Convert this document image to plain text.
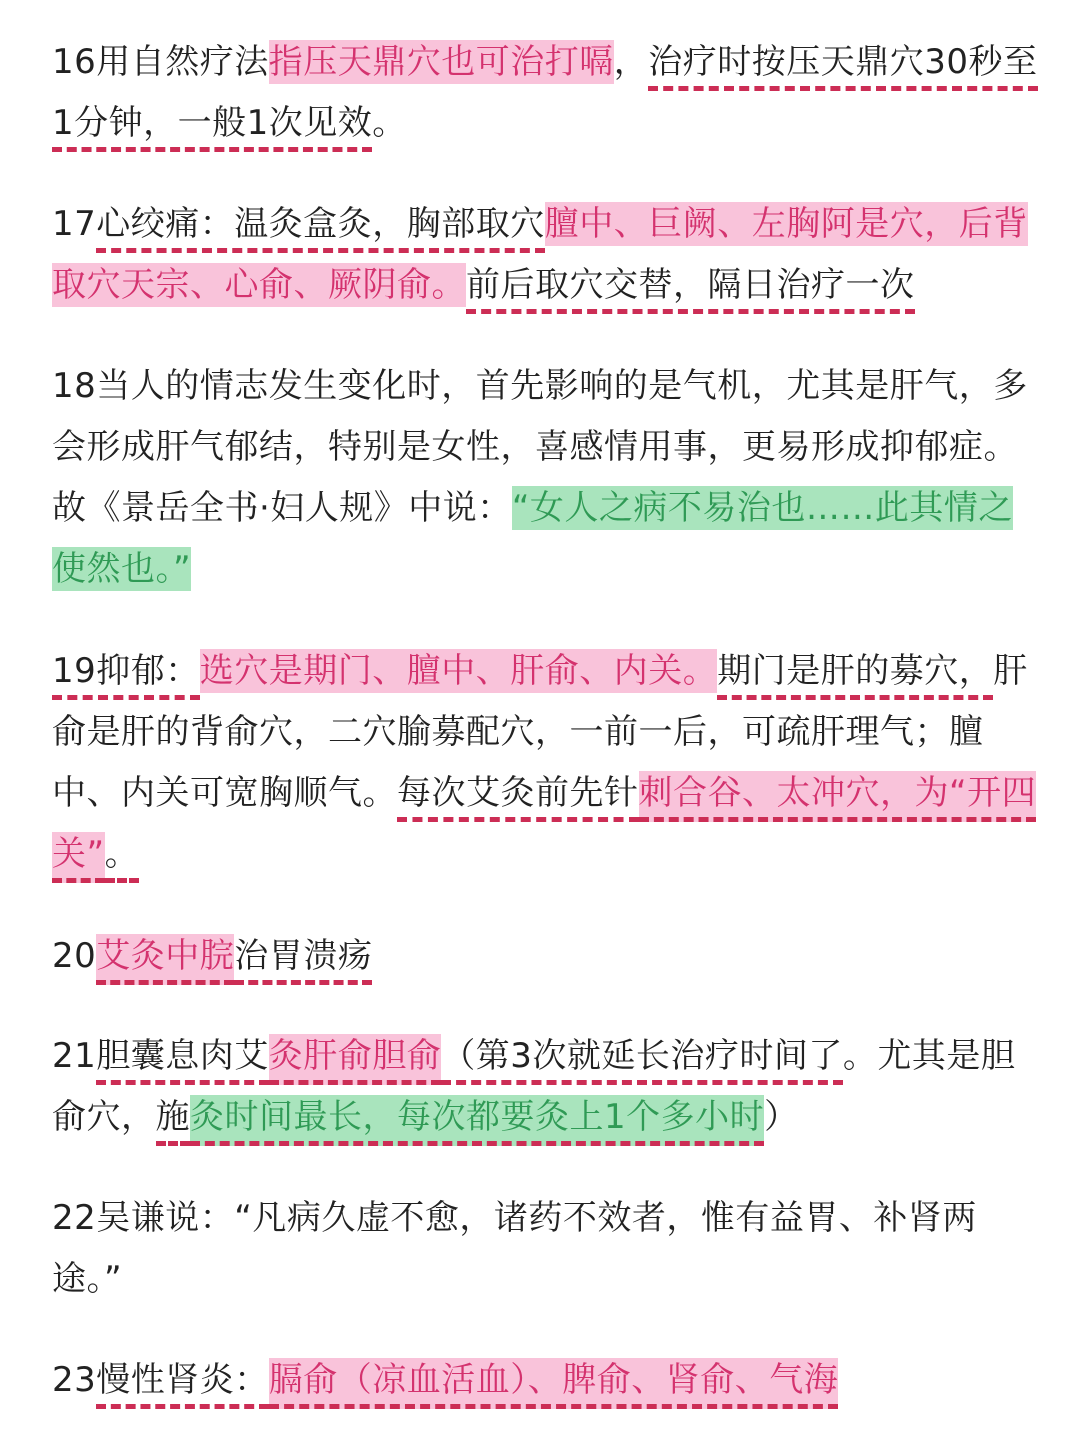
16用自然疗法指压天鼎穴也可治打嗝，治疗时按压天鼎穴30秒至1分钟，一般1次见效。

17心绞痛：温灸盒灸，胸部取穴膻中、巨阙、左胸阿是穴，后背取穴天宗、心俞、厥阴俞。前后取穴交替，隔日治疗一次

18当人的情志发生变化时，首先影响的是气机，尤其是肝气，多会形成肝气郁结，特别是女性，喜感情用事，更易形成抑郁症。故《景岳全书·妇人规》中说：“女人之病不易治也……此其情之使然也。”

19抑郁：选穴是期门、膻中、肝俞、内关。期门是肝的募穴，肝俞是肝的背俞穴，二穴腧募配穴，一前一后，可疏肝理气；膻中、内关可宽胸顺气。每次艾灸前先针刺合谷、太冲穴，为“开四关”。

20艾灸中脘治胃溃疡

21胆囊息肉艾灸肝俞胆俞（第3次就延长治疗时间了。尤其是胆俞穴，施灸时间最长，每次都要灸上1个多小时）

22吴谦说：“凡病久虚不愈，诸药不效者，惟有益胃、补肾两途。”

23慢性肾炎：膈俞（凉血活血）、脾俞、肾俞、气海
